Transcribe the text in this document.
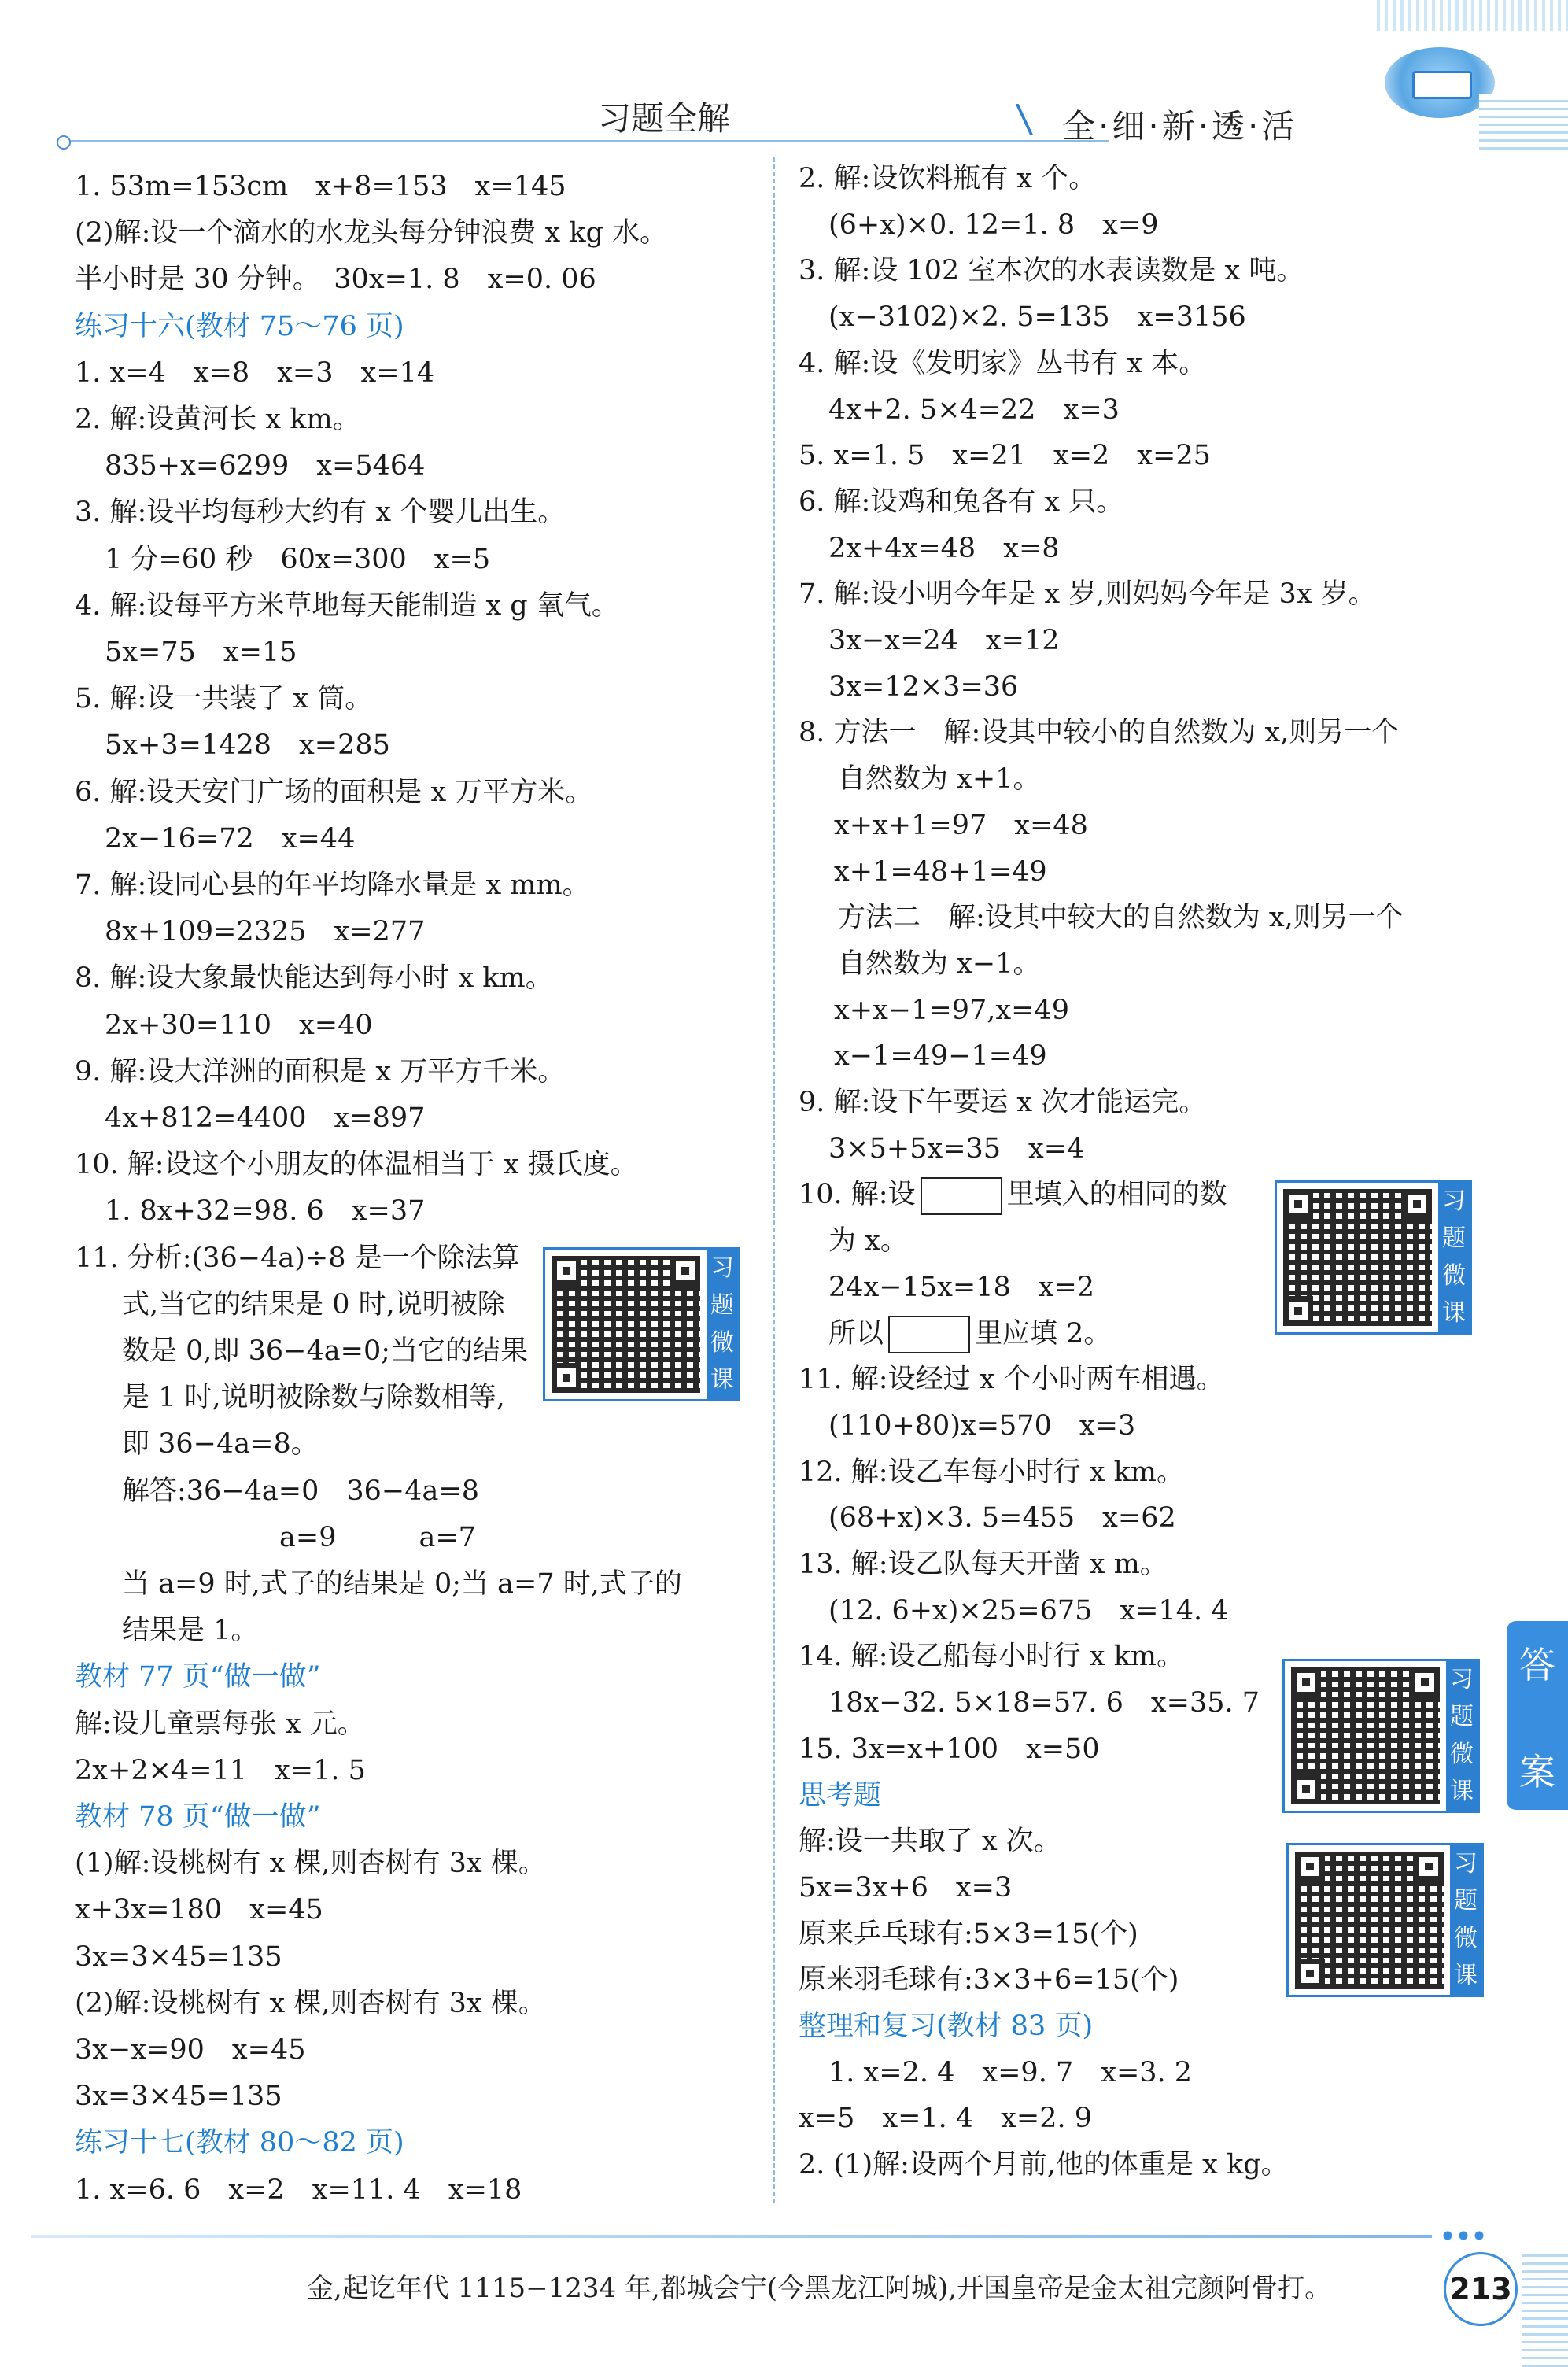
习题全解	全·细·新·透·活
1. 53m=153cm　x+8=153　x=145
(2)解:设一个滴水的水龙头每分钟浪费 x kg 水。
半小时是 30 分钟。　30x=1. 8　x=0. 06
练习十六(教材 75～76 页)
1. x=4　x=8　x=3　x=14
2. 解:设黄河长 x km。
835+x=6299　x=5464
3. 解:设平均每秒大约有 x 个婴儿出生。
1 分=60 秒　60x=300　x=5
4. 解:设每平方米草地每天能制造 x g 氧气。
5x=75　x=15
5. 解:设一共装了 x 筒。
5x+3=1428　x=285
6. 解:设天安门广场的面积是 x 万平方米。
2x−16=72　x=44
7. 解:设同心县的年平均降水量是 x mm。
8x+109=2325　x=277
8. 解:设大象最快能达到每小时 x km。
2x+30=110　x=40
9. 解:设大洋洲的面积是 x 万平方千米。
4x+812=4400　x=897
10. 解:设这个小朋友的体温相当于 x 摄氏度。
1. 8x+32=98. 6　x=37
11. 分析:(36−4a)÷8 是一个除法算
式,当它的结果是 0 时,说明被除
数是 0,即 36−4a=0;当它的结果
是 1 时,说明被除数与除数相等,
即 36−4a=8。
解答:36−4a=0　36−4a=8
a=9　　　a=7
当 a=9 时,式子的结果是 0;当 a=7 时,式子的
结果是 1。
教材 77 页“做一做”
解:设儿童票每张 x 元。
2x+2×4=11　x=1. 5
教材 78 页“做一做”
(1)解:设桃树有 x 棵,则杏树有 3x 棵。
x+3x=180　x=45
3x=3×45=135
(2)解:设桃树有 x 棵,则杏树有 3x 棵。
3x−x=90　x=45
3x=3×45=135
练习十七(教材 80～82 页)
1. x=6. 6　x=2　x=11. 4　x=18
2. 解:设饮料瓶有 x 个。
(6+x)×0. 12=1. 8　x=9
3. 解:设 102 室本次的水表读数是 x 吨。
(x−3102)×2. 5=135　x=3156
4. 解:设《发明家》丛书有 x 本。
4x+2. 5×4=22　x=3
5. x=1. 5　x=21　x=2　x=25
6. 解:设鸡和兔各有 x 只。
2x+4x=48　x=8
7. 解:设小明今年是 x 岁,则妈妈今年是 3x 岁。
3x−x=24　x=12
3x=12×3=36
8. 方法一　解:设其中较小的自然数为 x,则另一个
自然数为 x+1。
x+x+1=97　x=48
x+1=48+1=49
方法二　解:设其中较大的自然数为 x,则另一个
自然数为 x−1。
x+x−1=97,x=49
x−1=49−1=49
9. 解:设下午要运 x 次才能运完。
3×5+5x=35　x=4
10. 解:设	里填入的相同的数
为 x。
24x−15x=18　x=2
所以	里应填 2。
11. 解:设经过 x 个小时两车相遇。
(110+80)x=570　x=3
12. 解:设乙车每小时行 x km。
(68+x)×3. 5=455　x=62
13. 解:设乙队每天开凿 x m。
(12. 6+x)×25=675　x=14. 4
14. 解:设乙船每小时行 x km。
18x−32. 5×18=57. 6　x=35. 7
15. 3x=x+100　x=50
思考题
解:设一共取了 x 次。
5x=3x+6　x=3
原来乒乓球有:5×3=15(个)
原来羽毛球有:3×3+6=15(个)
整理和复习(教材 83 页)
1. x=2. 4　x=9. 7　x=3. 2
x=5　x=1. 4　x=2. 9
2. (1)解:设两个月前,他的体重是 x kg。
习
题
微
课
习
题
微
课
习
题
微
课
习
题
微
课
答
案
金,起讫年代 1115−1234 年,都城会宁(今黑龙江阿城),开国皇帝是金太祖完颜阿骨打。	213
